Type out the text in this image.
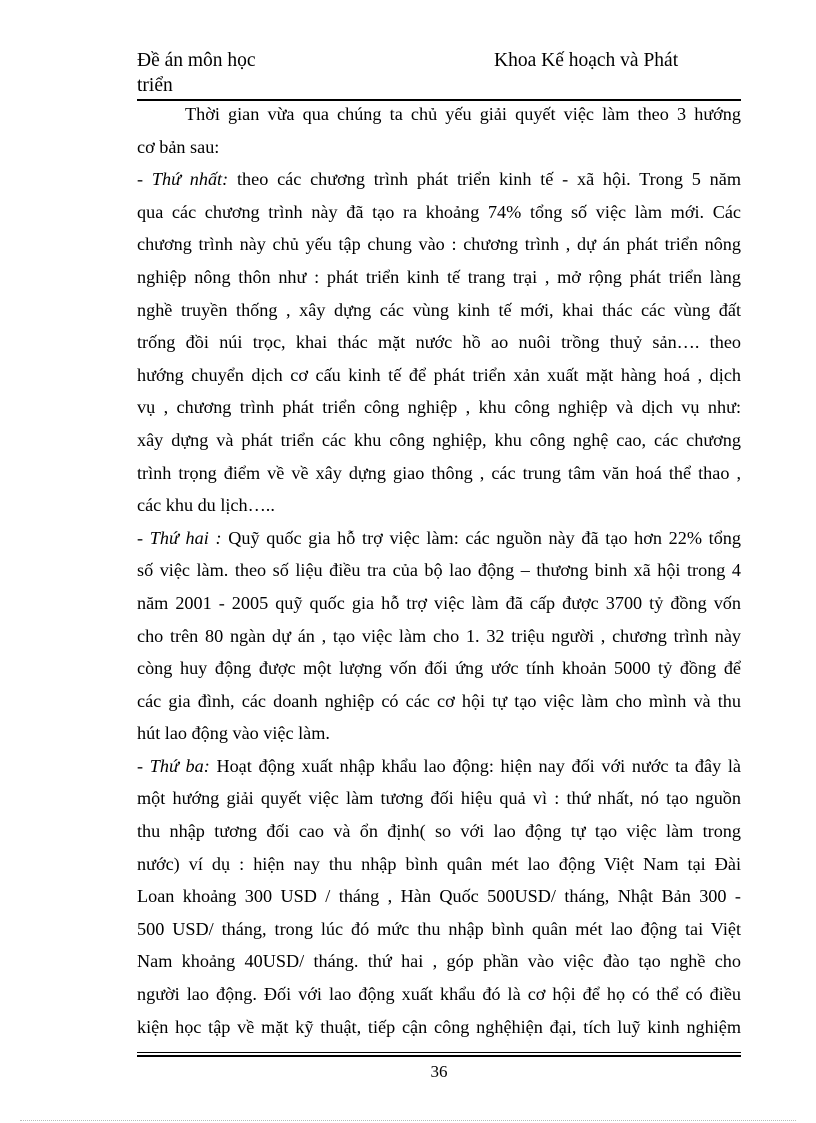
Đề án môn học	Khoa Kế hoạch và Phát
triển
Thời gian vừa qua chúng ta chủ yếu giải quyết việc làm theo 3 hướng
cơ bản sau:
- Thứ nhất: theo các chương trình phát triển kinh tế - xã hội. Trong 5 năm
qua các chương trình này đã tạo ra khoảng 74% tổng số việc làm mới. Các
chương trình này chủ yếu tập chung vào : chương trình , dự án phát triển nông
nghiệp nông thôn như : phát triển kinh tế trang trại , mở rộng phát triển làng
nghề truyền thống , xây dựng các vùng kinh tế mới, khai thác các vùng đất
trống đồi núi trọc, khai thác mặt nước hồ ao nuôi trồng thuỷ sản…. theo
hướng chuyển dịch cơ cấu kinh tế để phát triển xản xuất mặt hàng hoá , dịch
vụ , chương trình phát triển công nghiệp , khu công nghiệp và dịch vụ như:
xây dựng và phát triển các khu công nghiệp, khu công nghệ cao, các chương
trình trọng điểm về về xây dựng giao thông , các trung tâm văn hoá thể thao ,
các khu du lịch…..
- Thứ hai : Quỹ quốc gia hỗ trợ việc làm: các nguồn này đã tạo hơn 22% tổng
số việc làm. theo số liệu điều tra của bộ lao động – thương binh xã hội trong 4
năm 2001 - 2005 quỹ quốc gia hỗ trợ việc làm đã cấp được 3700 tỷ đồng vốn
cho trên 80 ngàn dự án , tạo việc làm cho 1. 32 triệu người , chương trình này
còng huy động được một lượng vốn đối ứng ước tính khoản 5000 tỷ đồng để
các gia đình, các doanh nghiệp có các cơ hội tự tạo việc làm cho mình và thu
hút lao động vào việc làm.
- Thứ ba: Hoạt động xuất nhập khẩu lao động: hiện nay đối với nước ta đây là
một hướng giải quyết việc làm tương đối hiệu quả vì : thứ nhất, nó tạo nguồn
thu nhập tương đối cao và ổn định( so với lao động tự tạo việc làm trong
nước) ví dụ : hiện nay thu nhập bình quân mét lao động Việt Nam tại Đài
Loan khoảng 300 USD / tháng , Hàn Quốc 500USD/ tháng, Nhật Bản 300 -
500 USD/ tháng, trong lúc đó mức thu nhập bình quân mét lao động tai Việt
Nam khoảng 40USD/ tháng. thứ hai , góp phần vào việc đào tạo nghề cho
người lao động. Đối với lao động xuất khẩu đó là cơ hội để họ có thể có điều
kiện học tập về mặt kỹ thuật, tiếp cận công nghệhiện đại, tích luỹ kinh nghiệm
36
